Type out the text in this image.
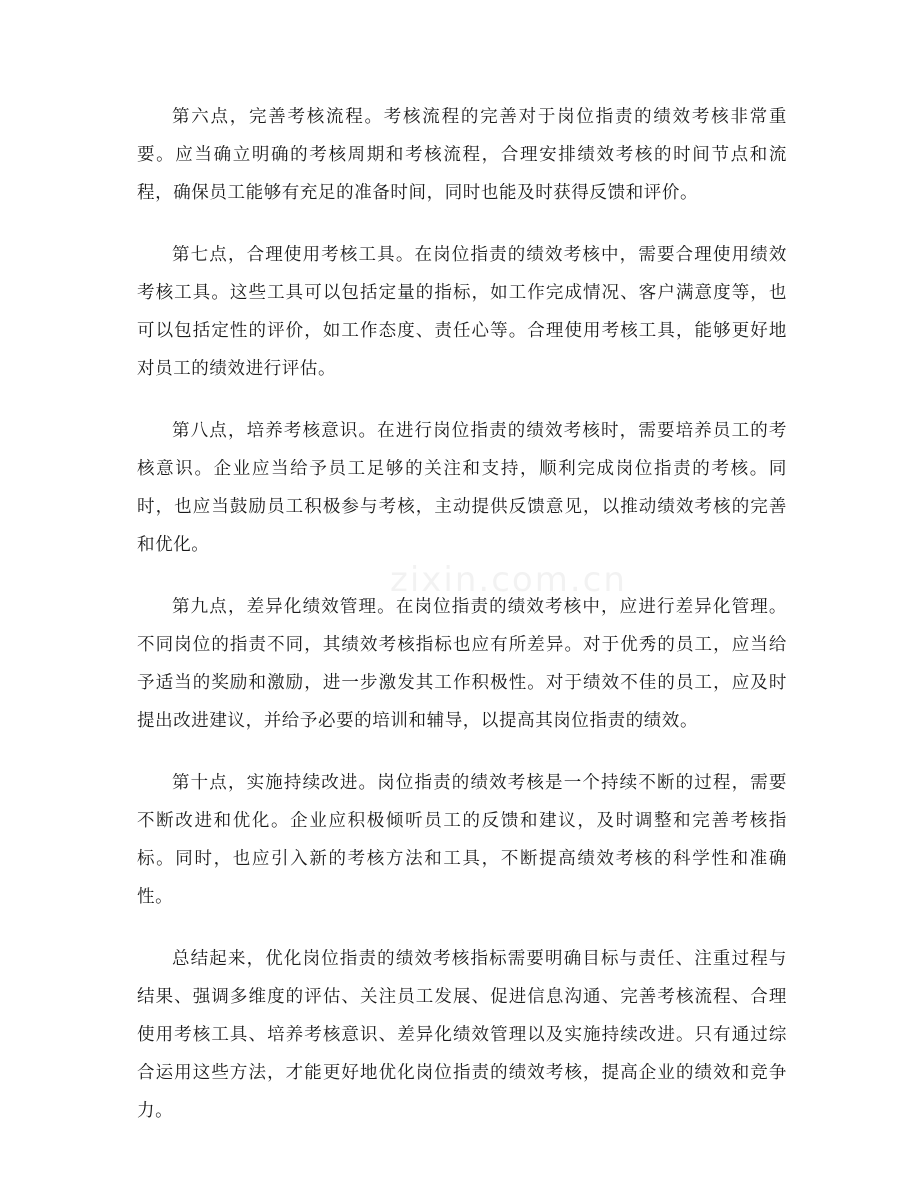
第六点，完善考核流程。考核流程的完善对于岗位指责的绩效考核非常重要。应当确立明确的考核周期和考核流程，合理安排绩效考核的时间节点和流程，确保员工能够有充足的准备时间，同时也能及时获得反馈和评价。

第七点，合理使用考核工具。在岗位指责的绩效考核中，需要合理使用绩效考核工具。这些工具可以包括定量的指标，如工作完成情况、客户满意度等，也可以包括定性的评价，如工作态度、责任心等。合理使用考核工具，能够更好地对员工的绩效进行评估。

第八点，培养考核意识。在进行岗位指责的绩效考核时，需要培养员工的考核意识。企业应当给予员工足够的关注和支持，顺利完成岗位指责的考核。同时，也应当鼓励员工积极参与考核，主动提供反馈意见，以推动绩效考核的完善和优化。

第九点，差异化绩效管理。在岗位指责的绩效考核中，应进行差异化管理。不同岗位的指责不同，其绩效考核指标也应有所差异。对于优秀的员工，应当给予适当的奖励和激励，进一步激发其工作积极性。对于绩效不佳的员工，应及时提出改进建议，并给予必要的培训和辅导，以提高其岗位指责的绩效。

第十点，实施持续改进。岗位指责的绩效考核是一个持续不断的过程，需要不断改进和优化。企业应积极倾听员工的反馈和建议，及时调整和完善考核指标。同时，也应引入新的考核方法和工具，不断提高绩效考核的科学性和准确性。

总结起来，优化岗位指责的绩效考核指标需要明确目标与责任、注重过程与结果、强调多维度的评估、关注员工发展、促进信息沟通、完善考核流程、合理使用考核工具、培养考核意识、差异化绩效管理以及实施持续改进。只有通过综合运用这些方法，才能更好地优化岗位指责的绩效考核，提高企业的绩效和竞争力。

zixin.com.cn
